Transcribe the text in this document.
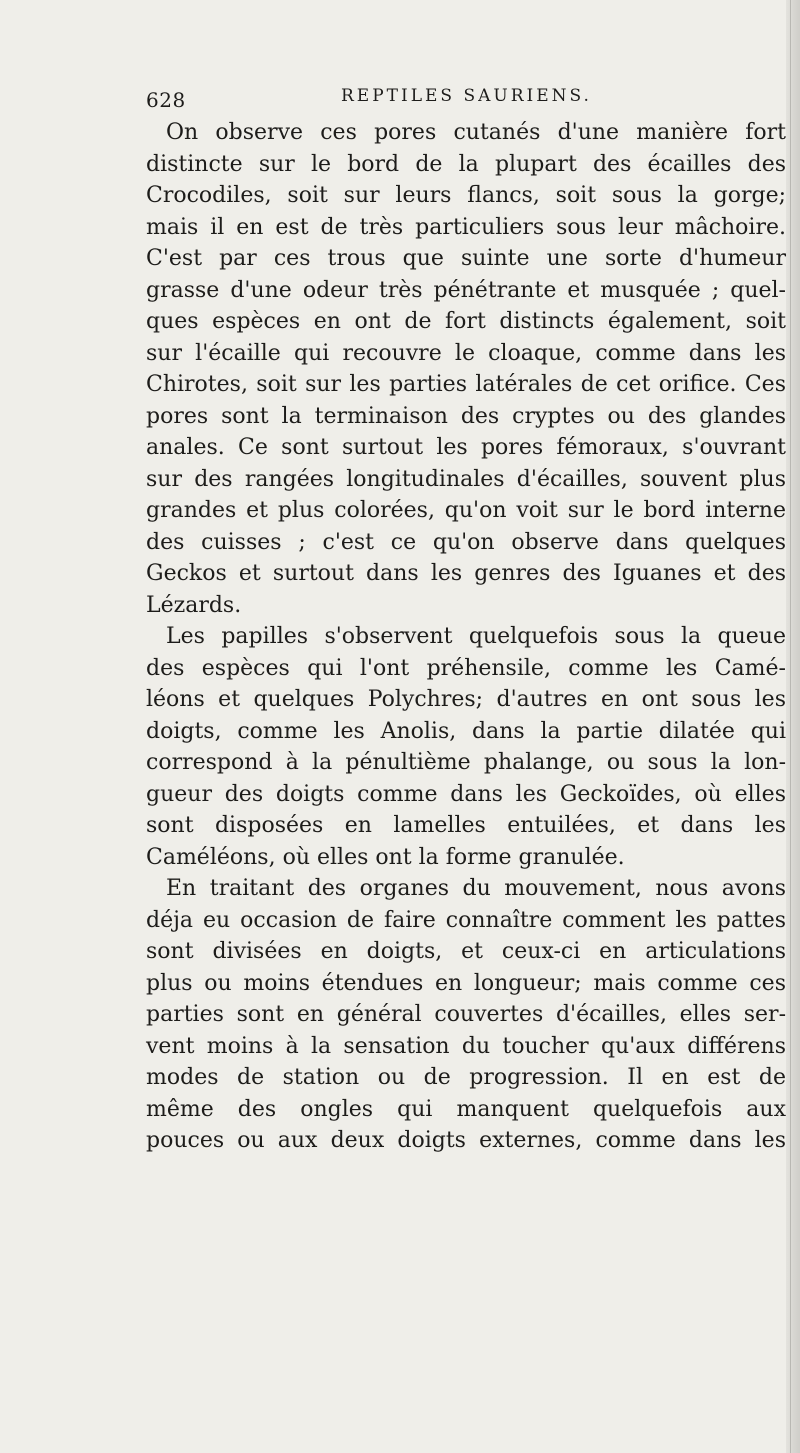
628	REPTILES SAURIENS.
On observe ces pores cutanés d'une manière fort
distincte sur le bord de la plupart des écailles des
Crocodiles, soit sur leurs flancs, soit sous la gorge;
mais il en est de très particuliers sous leur mâchoire.
C'est par ces trous que suinte une sorte d'humeur
grasse d'une odeur très pénétrante et musquée ; quel-
ques espèces en ont de fort distincts également, soit
sur l'écaille qui recouvre le cloaque, comme dans les
Chirotes, soit sur les parties latérales de cet orifice. Ces
pores sont la terminaison des cryptes ou des glandes
anales. Ce sont surtout les pores fémoraux, s'ouvrant
sur des rangées longitudinales d'écailles, souvent plus
grandes et plus colorées, qu'on voit sur le bord interne
des cuisses ; c'est ce qu'on observe dans quelques
Geckos et surtout dans les genres des Iguanes et des
Lézards.
Les papilles s'observent quelquefois sous la queue
des espèces qui l'ont préhensile, comme les Camé-
léons et quelques Polychres; d'autres en ont sous les
doigts, comme les Anolis, dans la partie dilatée qui
correspond à la pénultième phalange, ou sous la lon-
gueur des doigts comme dans les Geckoïdes, où elles
sont disposées en lamelles entuilées, et dans les
Caméléons, où elles ont la forme granulée.
En traitant des organes du mouvement, nous avons
déja eu occasion de faire connaître comment les pattes
sont divisées en doigts, et ceux-ci en articulations
plus ou moins étendues en longueur; mais comme ces
parties sont en général couvertes d'écailles, elles ser-
vent moins à la sensation du toucher qu'aux différens
modes de station ou de progression. Il en est de
même des ongles qui manquent quelquefois aux
pouces ou aux deux doigts externes, comme dans les
